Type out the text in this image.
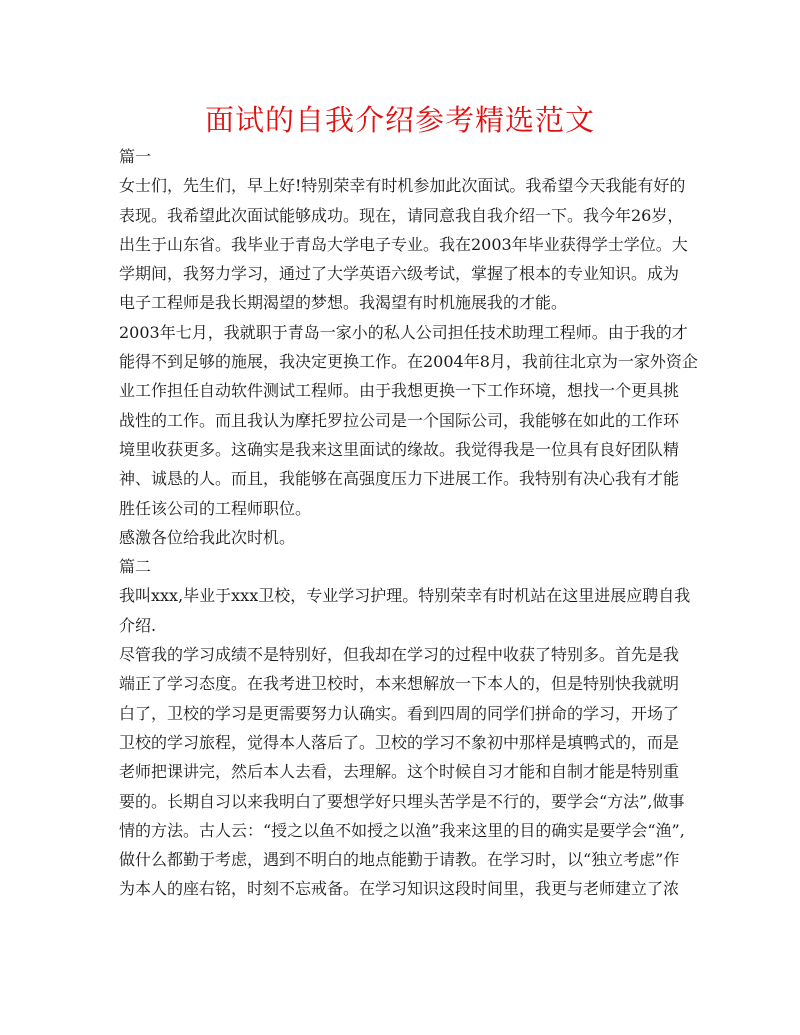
面试的自我介绍参考精选范文
篇一
女士们，先生们，早上好!特别荣幸有时机参加此次面试。我希望今天我能有好的
表现。我希望此次面试能够成功。现在，请同意我自我介绍一下。我今年26岁，
出生于山东省。我毕业于青岛大学电子专业。我在2003年毕业获得学士学位。大
学期间，我努力学习，通过了大学英语六级考试，掌握了根本的专业知识。成为
电子工程师是我长期渴望的梦想。我渴望有时机施展我的才能。
2003年七月，我就职于青岛一家小的私人公司担任技术助理工程师。由于我的才
能得不到足够的施展，我决定更换工作。在2004年8月，我前往北京为一家外资企
业工作担任自动软件测试工程师。由于我想更换一下工作环境，想找一个更具挑
战性的工作。而且我认为摩托罗拉公司是一个国际公司，我能够在如此的工作环
境里收获更多。这确实是我来这里面试的缘故。我觉得我是一位具有良好团队精
神、诚恳的人。而且，我能够在高强度压力下进展工作。我特别有决心我有才能
胜任该公司的工程师职位。
感激各位给我此次时机。
篇二
我叫xxx,毕业于xxx卫校，专业学习护理。特别荣幸有时机站在这里进展应聘自我
介绍.
尽管我的学习成绩不是特别好，但我却在学习的过程中收获了特别多。首先是我
端正了学习态度。在我考进卫校时，本来想解放一下本人的，但是特别快我就明
白了，卫校的学习是更需要努力认确实。看到四周的同学们拼命的学习，开场了
卫校的学习旅程，觉得本人落后了。卫校的学习不象初中那样是填鸭式的，而是
老师把课讲完，然后本人去看，去理解。这个时候自习才能和自制才能是特别重
要的。长期自习以来我明白了要想学好只埋头苦学是不行的，要学会“方法”,做事
情的方法。古人云：“授之以鱼不如授之以渔”我来这里的目的确实是要学会“渔”,
做什么都勤于考虑，遇到不明白的地点能勤于请教。在学习时，以“独立考虑”作
为本人的座右铭，时刻不忘戒备。在学习知识这段时间里，我更与老师建立了浓
